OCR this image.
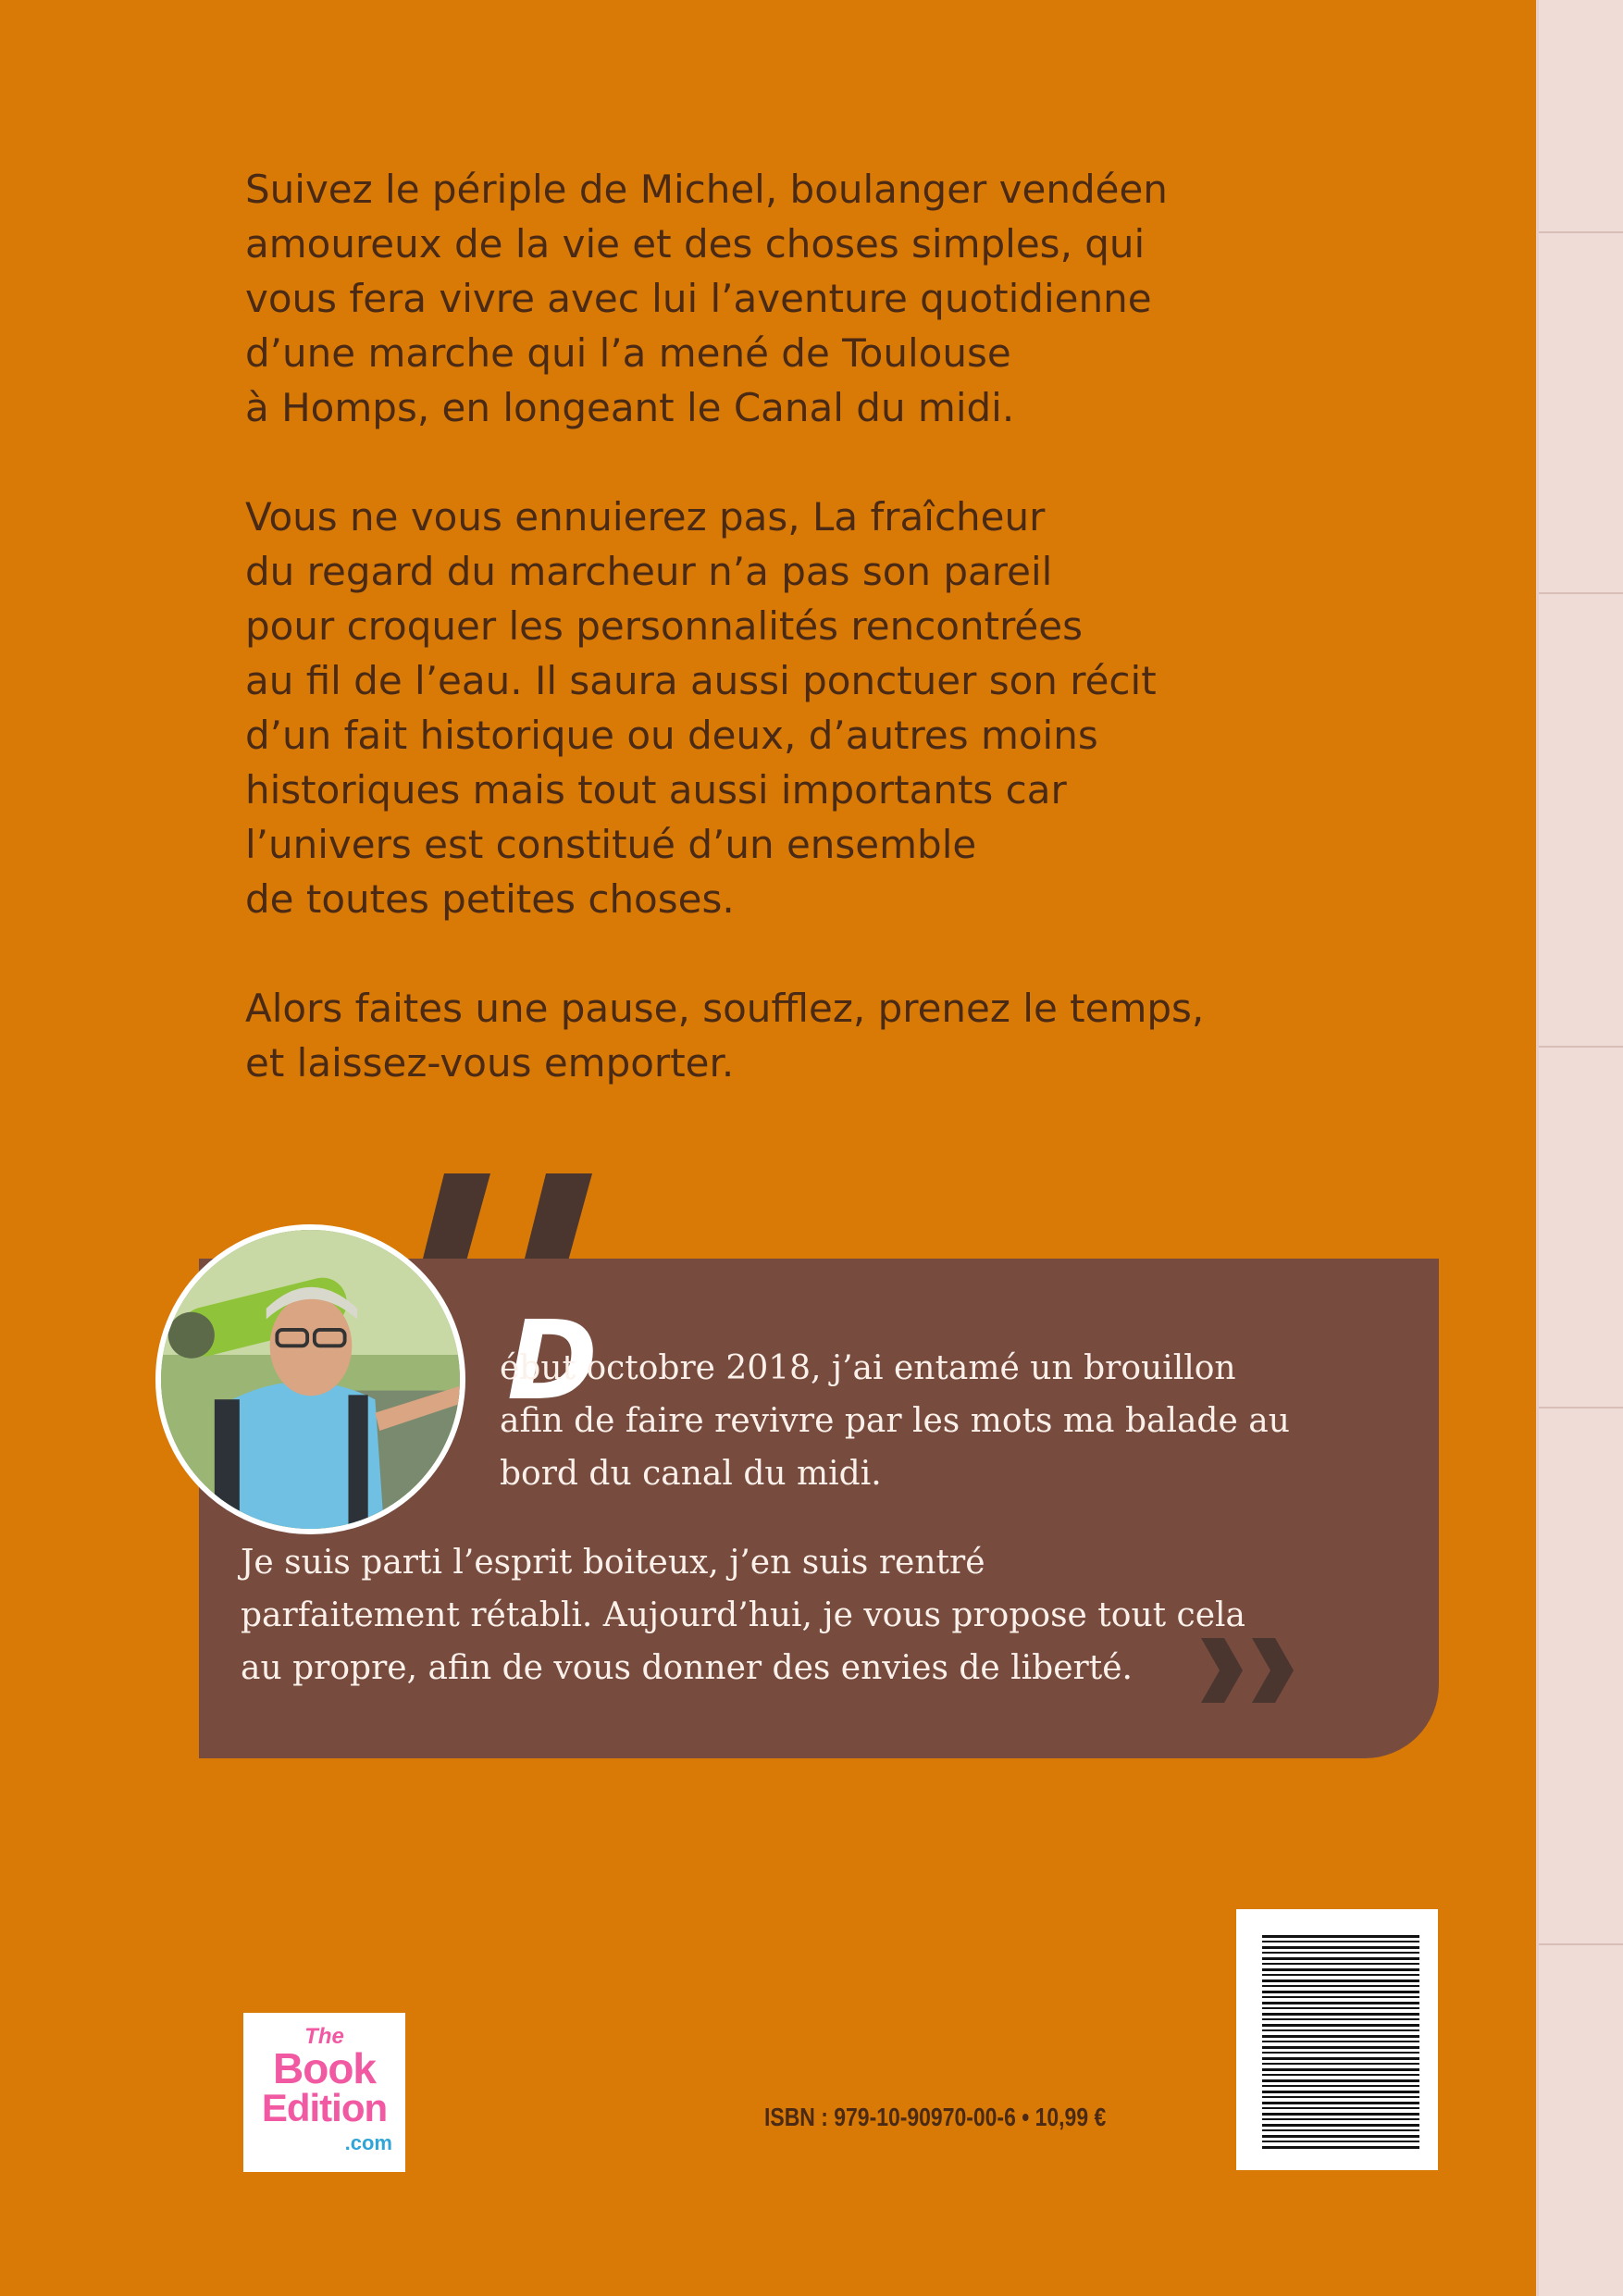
Suivez le périple de Michel, boulanger vendéen
amoureux de la vie et des choses simples, qui
vous fera vivre avec lui l’aventure quotidienne
d’une marche qui l’a mené de Toulouse
à Homps, en longeant le Canal du midi.

Vous ne vous ennuierez pas, La fraîcheur
du regard du marcheur n’a pas son pareil
pour croquer les personnalités rencontrées
au fil de l’eau. Il saura aussi ponctuer son récit
d’un fait historique ou deux, d’autres moins
historiques mais tout aussi importants car
l’univers est constitué d’un ensemble
de toutes petites choses.

Alors faites une pause, soufflez, prenez le temps,
et laissez-vous emporter.

D
ébut octobre 2018, j’ai entamé un brouillon
afin de faire revivre par les mots ma balade au
bord du canal du midi.
Je suis parti l’esprit boiteux, j’en suis rentré
parfaitement rétabli. Aujourd’hui, je vous propose tout cela
au propre, afin de vous donner des envies de liberté.
The
Book
Edition
.com
ISBN : 979-10-90970-00-6 • 10,99 €
